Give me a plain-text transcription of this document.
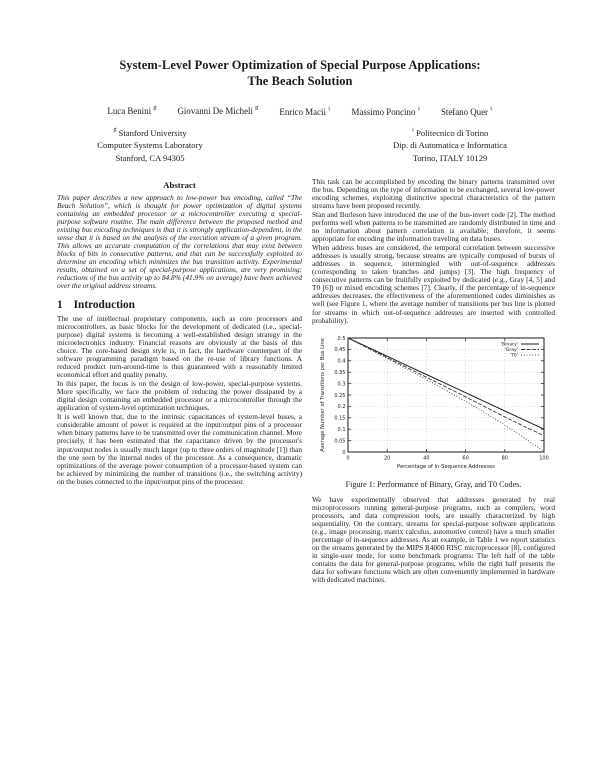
System-Level Power Optimization of Special Purpose Applications:
The Beach Solution
Luca Benini ♯ Giovanni De Micheli ♯ Enrico Macii ♮ Massimo Poncino ♮ Stefano Quer ♮
♯ Stanford University
Computer Systems Laboratory
Stanford, CA 94305
♮ Politecnico di Torino
Dip. di Automatica e Informatica
Torino, ITALY 10129
Abstract

This paper describes a new approach to low-power bus encoding, called “The Beach Solution”, which is thought for power optimization of digital systems containing an embedded processor or a microcontroller executing a special-purpose software routine. The main difference between the proposed method and existing bus encoding techniques is that it is strongly application-dependent, in the sense that it is based on the analysis of the execution stream of a given program. This allows an accurate computation of the correlations that may exist between blocks of bits in consecutive patterns, and that can be successfully exploited to determine an encoding which minimizes the bus transition activity. Experimental results, obtained on a set of special-purpose applications, are very promising; reductions of the bus activity up to 84.8% (41.9% on average) have been achieved over the original address streams.

1 Introduction

The use of intellectual proprietary components, such as core processors and microcontrollers, as basic blocks for the development of dedicated (i.e., special-purpose) digital systems is becoming a well-established design strategy in the microelectronics industry. Financial reasons are obviously at the basis of this choice. The core-based design style is, in fact, the hardware counterpart of the software programming paradigm based on the re-use of library functions. A reduced product turn-around-time is thus guaranteed with a reasonably limited economical effort and quality penalty.

In this paper, the focus is on the design of low-power, special-purpose systems. More specifically, we face the problem of reducing the power dissipated by a digital design containing an embedded processor or a microcontroller through the application of system-level optimization techniques.

It is well known that, due to the intrinsic capacitances of system-level buses, a considerable amount of power is required at the input/output pins of a processor when binary patterns have to be transmitted over the communication channel. More precisely, it has been estimated that the capacitance driven by the processor's input/output nodes is usually much larger (up to three orders of magnitude [1]) than the one seen by the internal nodes of the processor. As a consequence, dramatic optimizations of the average power consumption of a processor-based system can be achieved by minimizing the number of transitions (i.e., the switching activity) on the buses connected to the input/output pins of the processor.

This task can be accomplished by encoding the binary patterns transmitted over the bus. Depending on the type of information to be exchanged, several low-power encoding schemes, exploiting distinctive spectral characteristics of the pattern streams have been proposed recently.

Stan and Burleson have introduced the use of the bus-invert code [2]. The method performs well when patterns to be transmitted are randomly distributed in time and no information about pattern correlation is available; therefore, it seems appropriate for encoding the information traveling on data buses.

When address buses are considered, the temporal correlation between successive addresses is usually strong, because streams are typically composed of bursts of addresses in sequence, intermingled with out-of-sequence addresses (corresponding to taken branches and jumps) [3]. The high frequency of consecutive patterns can be fruitfully exploited by dedicated (e.g., Gray [4, 5] and T0 [6]) or mixed encoding schemes [7]. Clearly, if the percentage of in-sequence addresses decreases, the effectiveness of the aforementioned codes diminishes as well (see Figure 1, where the average number of transitions per bus line is plotted for streams in which out-of-sequence addresses are inserted with controlled probability).

0	20	40	60	80	100
0
0.05
0.1
0.15
0.2
0.25
0.3
0.35
0.4
0.45
0.5
Percentage of In-Sequence Addresses
Average Number of Transitions per Bus Line	'Binary'
'Gray'
'T0'
Figure 1: Performance of Binary, Gray, and T0 Codes.

We have experimentally observed that addresses generated by real microprocessors running general-purpose programs, such as compilers, word processors, and data compression tools, are usually characterized by high sequentiality. On the contrary, streams for special-purpose software applications (e.g., image processing, matrix calculus, automotive control) have a much smaller percentage of in-sequence addresses. As an example, in Table 1 we report statistics on the streams generated by the MIPS R4000 RISC microprocessor [8], configured in single-user mode, for some benchmark programs: The left half of the table contains the data for general-purpose programs, while the right half presents the data for software functions which are often conveniently implemented in hardware with dedicated machines.
